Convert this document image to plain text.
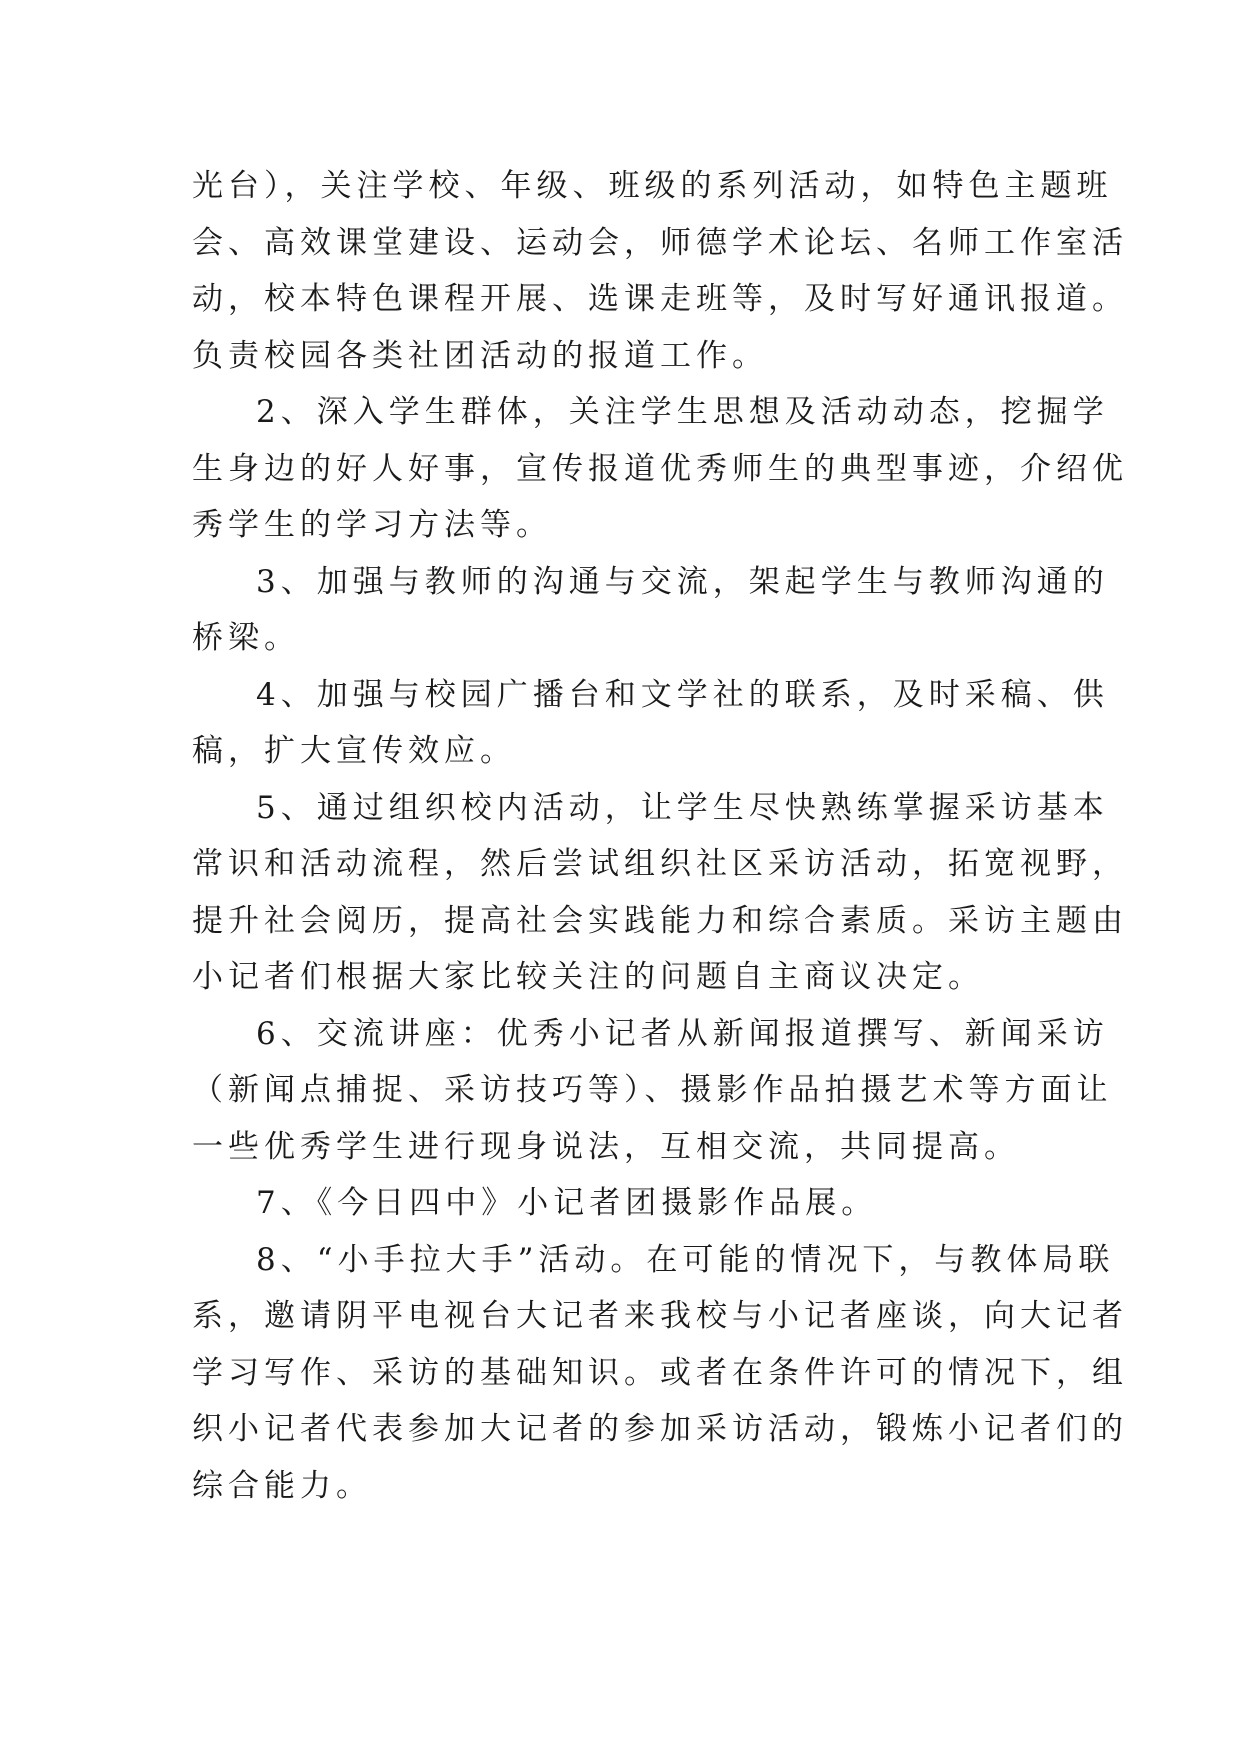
光台），关注学校、年级、班级的系列活动，如特色主题班
会、高效课堂建设、运动会，师德学术论坛、名师工作室活
动，校本特色课程开展、选课走班等，及时写好通讯报道。
负责校园各类社团活动的报道工作。
2、深入学生群体，关注学生思想及活动动态，挖掘学
生身边的好人好事，宣传报道优秀师生的典型事迹，介绍优
秀学生的学习方法等。
3、加强与教师的沟通与交流，架起学生与教师沟通的
桥梁。
4、加强与校园广播台和文学社的联系，及时采稿、供
稿，扩大宣传效应。
5、通过组织校内活动，让学生尽快熟练掌握采访基本
常识和活动流程，然后尝试组织社区采访活动，拓宽视野，
提升社会阅历，提高社会实践能力和综合素质。采访主题由
小记者们根据大家比较关注的问题自主商议决定。
6、交流讲座：优秀小记者从新闻报道撰写、新闻采访
（新闻点捕捉、采访技巧等）、摄影作品拍摄艺术等方面让
一些优秀学生进行现身说法，互相交流，共同提高。
7、《今日四中》小记者团摄影作品展。
8、“小手拉大手”活动。在可能的情况下，与教体局联
系，邀请阴平电视台大记者来我校与小记者座谈，向大记者
学习写作、采访的基础知识。或者在条件许可的情况下，组
织小记者代表参加大记者的参加采访活动，锻炼小记者们的
综合能力。
